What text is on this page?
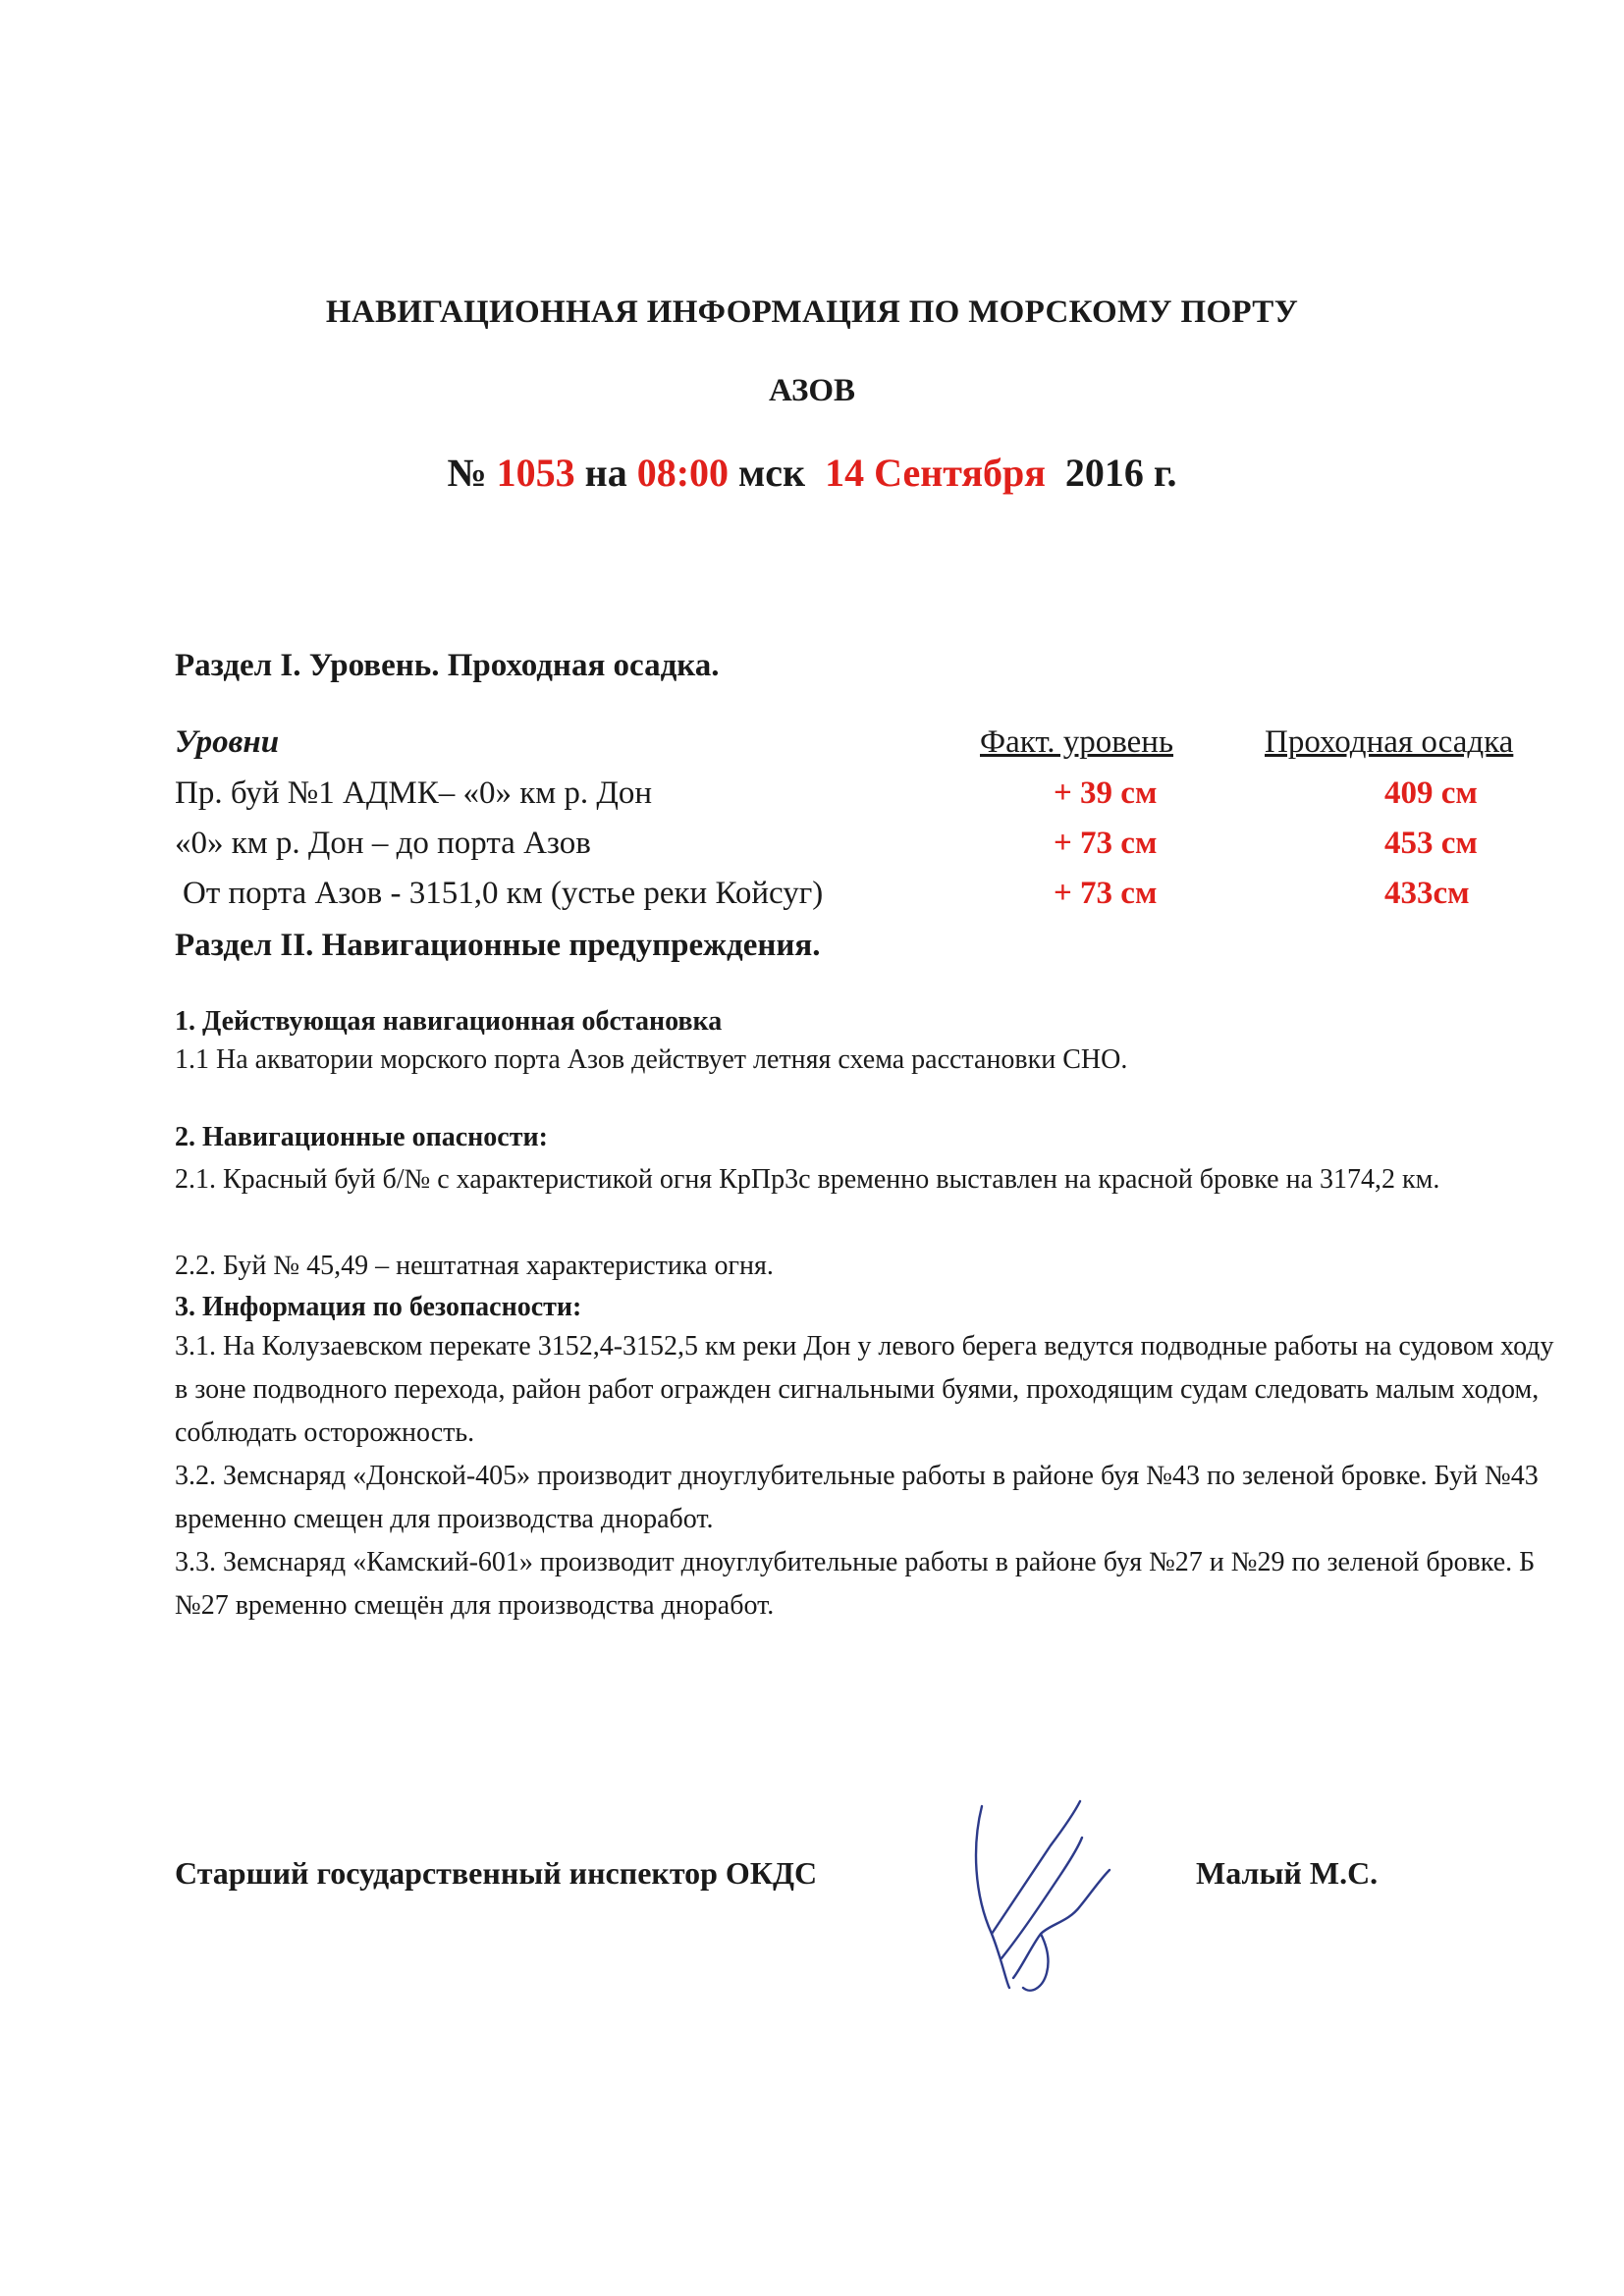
НАВИГАЦИОННАЯ ИНФОРМАЦИЯ ПО МОРСКОМУ ПОРТУ
АЗОВ
№ 1053 на 08:00 мск 14 Сентября 2016 г.
Раздел I. Уровень. Проходная осадка.
Уровни	Факт. уровень	Проходная осадка
Пр. буй №1 АДМК– «0» км р. Дон	+ 39 см	409 см
«0» км р. Дон – до порта Азов	+ 73 см	453 см
От порта Азов - 3151,0 км (устье реки Койсуг)	+ 73 см	433см
Раздел II. Навигационные предупреждения.
1. Действующая навигационная обстановка
1.1 На акватории морского порта Азов действует летняя схема расстановки СНО.
2. Навигационные опасности:
2.1. Красный буй б/№ с характеристикой огня КрПр3с временно выставлен на красной бровке на 3174,2 км.
2.2. Буй № 45,49 – нештатная характеристика огня.
3. Информация по безопасности:
3.1. На Колузаевском перекате 3152,4-3152,5 км реки Дон у левого берега ведутся подводные работы на судовом ходу в зоне подводного перехода, район работ огражден сигнальными буями, проходящим судам следовать малым ходом, соблюдать осторожность.
3.2. Земснаряд «Донской-405» производит дноуглубительные работы в районе буя №43 по зеленой бровке. Буй №43 временно смещен для производства дноработ.
3.3. Земснаряд «Камский-601» производит дноуглубительные работы в районе буя №27 и №29 по зеленой бровке. Б №27 временно смещён для производства дноработ.
Старший государственный инспектор ОКДС	Малый М.С.
